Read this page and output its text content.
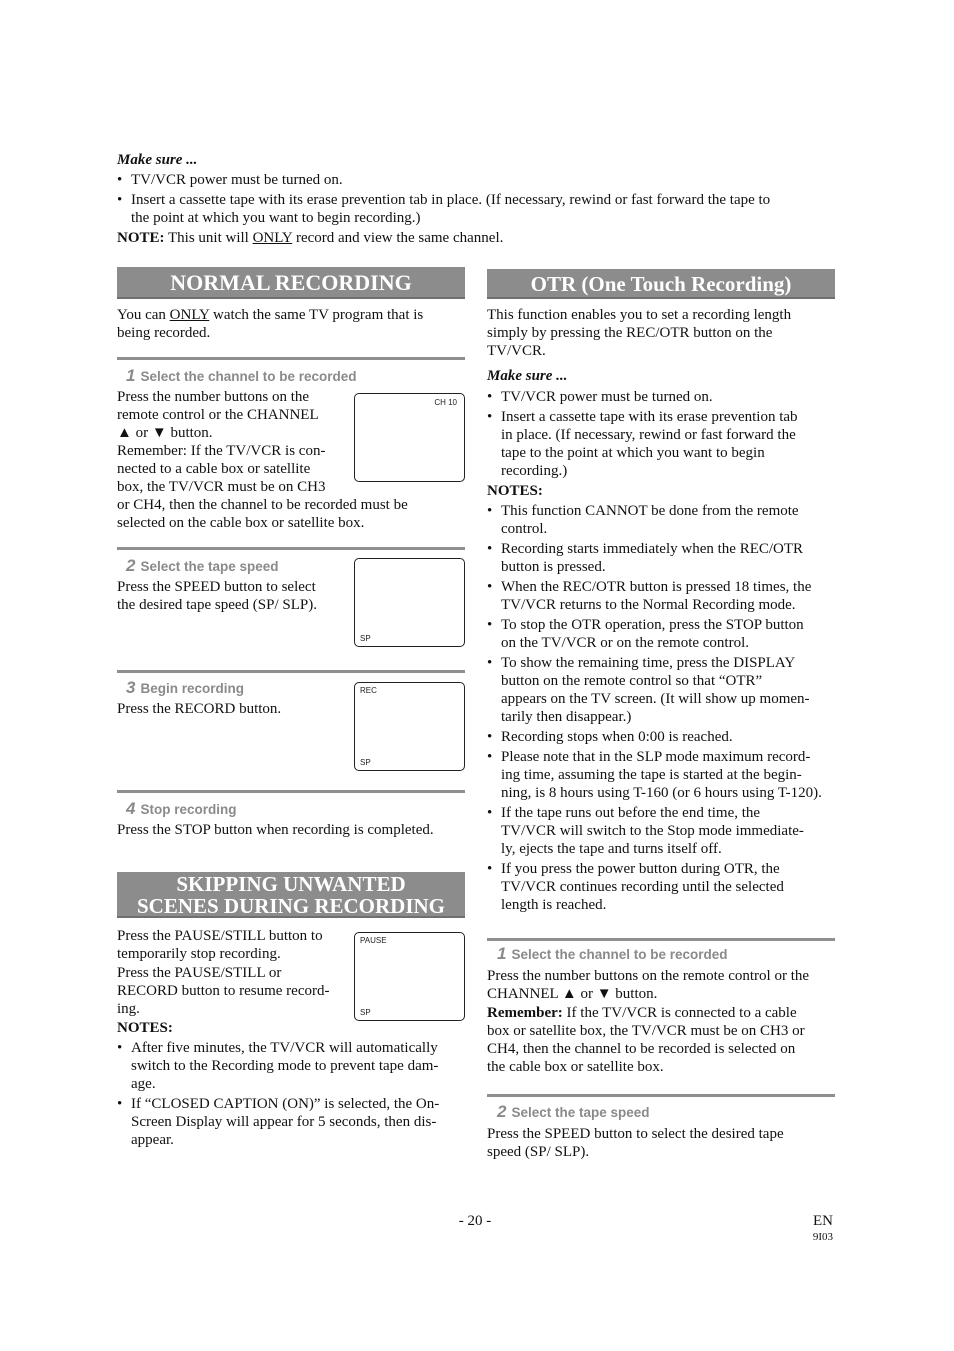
Make sure ...

• TV/VCR power must be turned on.

• Insert a cassette tape with its erase prevention tab in place. (If necessary, rewind or fast forward the tape to

the point at which you want to begin recording.)

NOTE: This unit will ONLY record and view the same channel.

NORMAL RECORDING

You can ONLY watch the same TV program that is

being recorded.

1 Select the channel to be recorded

Press the number buttons on the

remote control or the CHANNEL

▲ or ▼ button.

Remember: If the TV/VCR is con-

nected to a cable box or satellite

box, the TV/VCR must be on CH3

or CH4, then the channel to be recorded must be

selected on the cable box or satellite box.

CH 10
2 Select the tape speed

Press the SPEED button to select

the desired tape speed (SP/ SLP).

SP
3 Begin recording

Press the RECORD button.

REC
SP
4 Stop recording

Press the STOP button when recording is completed.

SKIPPING UNWANTED
SCENES DURING RECORDING

Press the PAUSE/STILL button to

temporarily stop recording.

Press the PAUSE/STILL or

RECORD button to resume record-

ing.

PAUSE
SP

NOTES:

• After five minutes, the TV/VCR will automatically

switch to the Recording mode to prevent tape dam-

age.

• If “CLOSED CAPTION (ON)” is selected, the On-

Screen Display will appear for 5 seconds, then dis-

appear.

OTR (One Touch Recording)

This function enables you to set a recording length

simply by pressing the REC/OTR button on the

TV/VCR.

Make sure ...

• TV/VCR power must be turned on.

• Insert a cassette tape with its erase prevention tab

in place. (If necessary, rewind or fast forward the

tape to the point at which you want to begin

recording.)

NOTES:

• This function CANNOT be done from the remote

control.

• Recording starts immediately when the REC/OTR

button is pressed.

• When the REC/OTR button is pressed 18 times, the

TV/VCR returns to the Normal Recording mode.

• To stop the OTR operation, press the STOP button

on the TV/VCR or on the remote control.

• To show the remaining time, press the DISPLAY

button on the remote control so that “OTR”

appears on the TV screen. (It will show up momen-

tarily then disappear.)

• Recording stops when 0:00 is reached.

• Please note that in the SLP mode maximum record-

ing time, assuming the tape is started at the begin-

ning, is 8 hours using T-160 (or 6 hours using T-120).

• If the tape runs out before the end time, the

TV/VCR will switch to the Stop mode immediate-

ly, ejects the tape and turns itself off.

• If you press the power button during OTR, the

TV/VCR continues recording until the selected

length is reached.

1 Select the channel to be recorded

Press the number buttons on the remote control or the

CHANNEL ▲ or ▼ button.

Remember: If the TV/VCR is connected to a cable

box or satellite box, the TV/VCR must be on CH3 or

CH4, then the channel to be recorded is selected on

the cable box or satellite box.

2 Select the tape speed

Press the SPEED button to select the desired tape

speed (SP/ SLP).

- 20 -	EN
9I03
